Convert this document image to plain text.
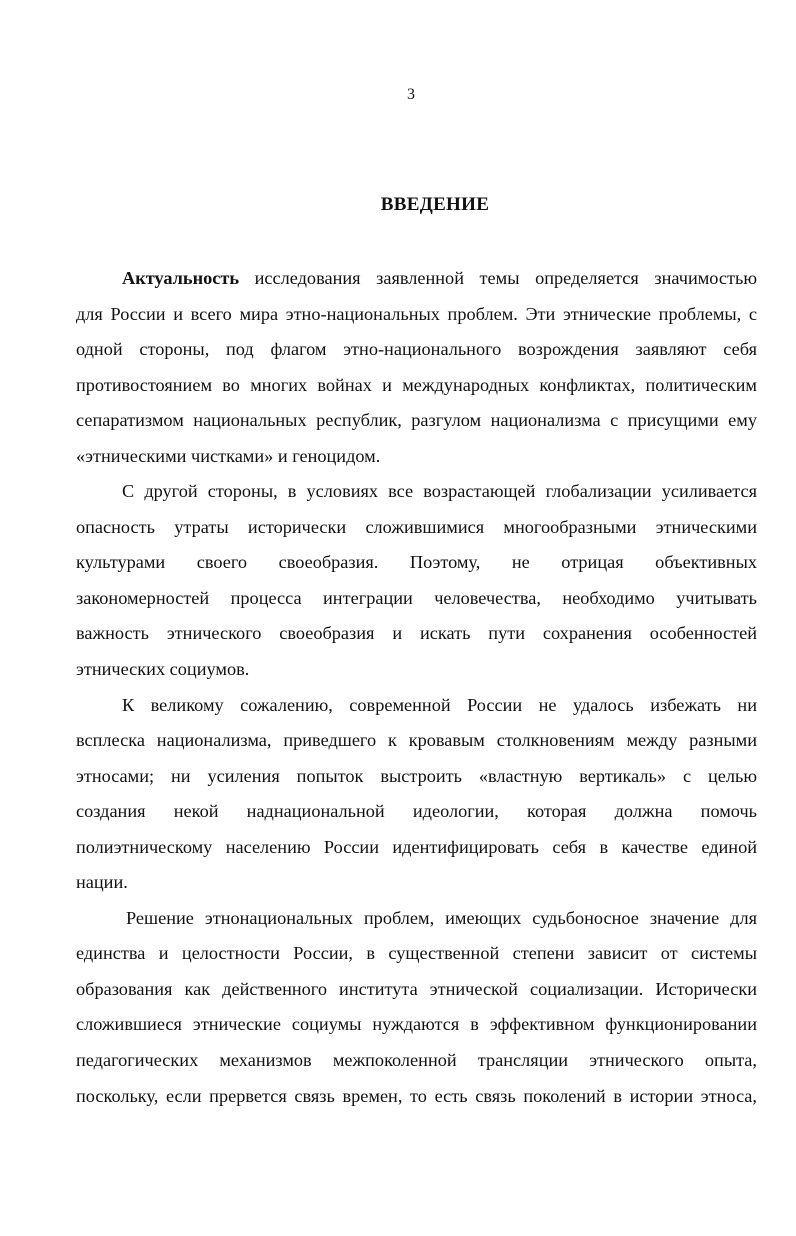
3
ВВЕДЕНИЕ
Актуальность исследования заявленной темы определяется значимостью
для России и всего мира этно-национальных проблем. Эти этнические проблемы, с
одной стороны, под флагом этно-национального возрождения заявляют себя
противостоянием во многих войнах и международных конфликтах, политическим
сепаратизмом национальных республик, разгулом национализма с присущими ему
«этническими чистками» и геноцидом.
С другой стороны, в условиях все возрастающей глобализации усиливается
опасность утраты исторически сложившимися многообразными этническими
культурами своего своеобразия. Поэтому, не отрицая объективных
закономерностей процесса интеграции человечества, необходимо учитывать
важность этнического своеобразия и искать пути сохранения особенностей
этнических социумов.
К великому сожалению, современной России не удалось избежать ни
всплеска национализма, приведшего к кровавым столкновениям между разными
этносами; ни усиления попыток выстроить «властную вертикаль» с целью
создания некой наднациональной идеологии, которая должна помочь
полиэтническому населению России идентифицировать себя в качестве единой
нации.
Решение этнонациональных проблем, имеющих судьбоносное значение для
единства и целостности России, в существенной степени зависит от системы
образования как действенного института этнической социализации. Исторически
сложившиеся этнические социумы нуждаются в эффективном функционировании
педагогических механизмов межпоколенной трансляции этнического опыта,
поскольку, если прервется связь времен, то есть связь поколений в истории этноса,
